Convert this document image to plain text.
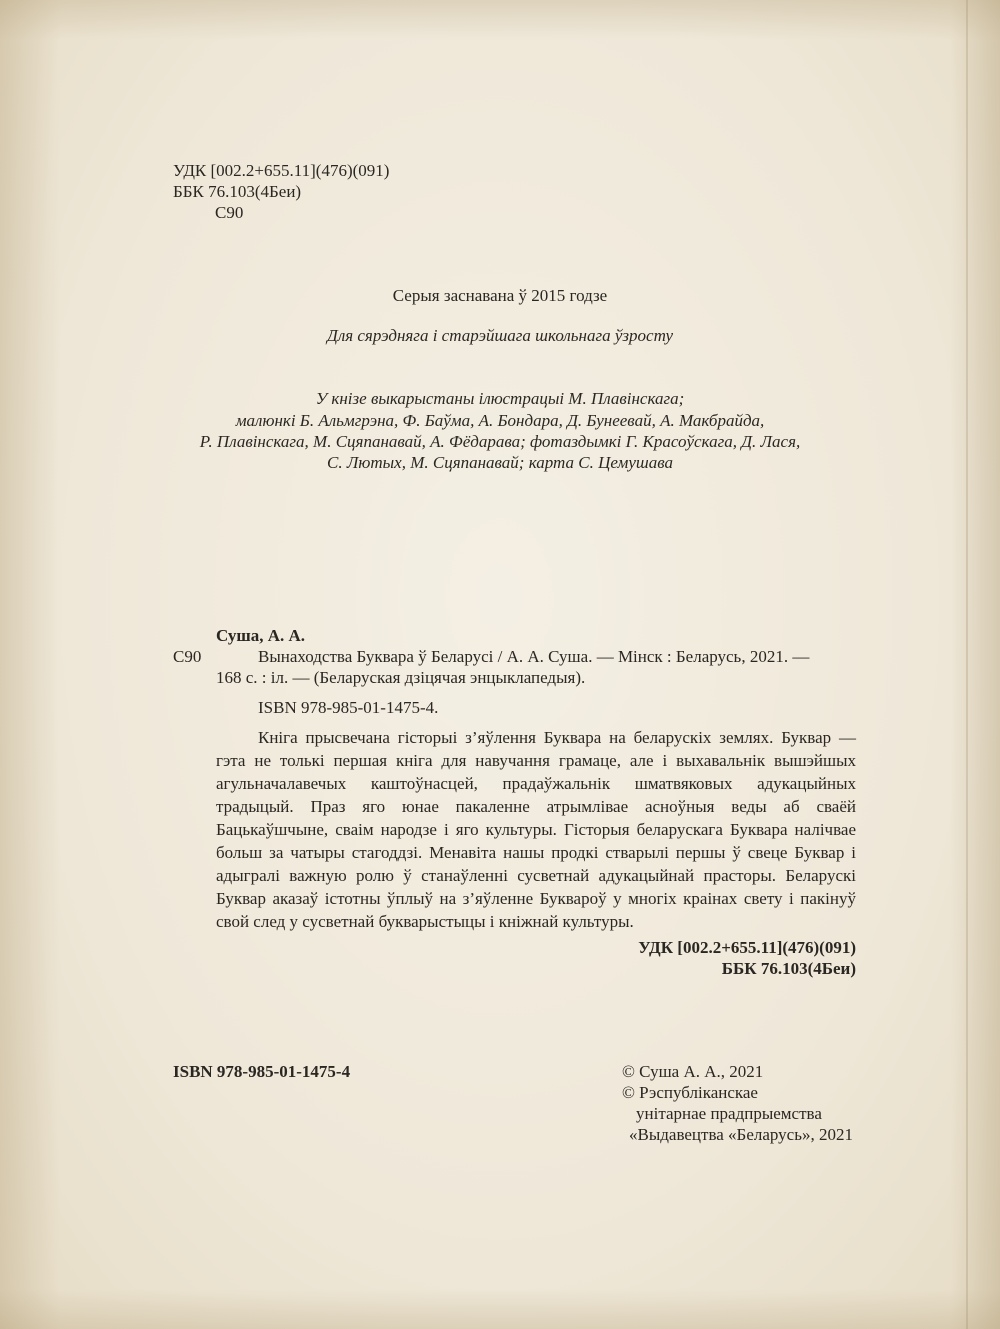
УДК [002.2+655.11](476)(091)
ББК 76.103(4Беи)
С90
Серыя заснавана ў 2015 годзе
Для сярэдняга і старэйшага школьнага ўзросту
У кнізе выкарыстаны ілюстрацыі М. Плавінскага;
малюнкі Б. Альмгрэна, Ф. Баўма, А. Бондара, Д. Бунеевай, А. Макбрайда,
Р. Плавінскага, М. Сцяпанавай, А. Фёдарава; фотаздымкі Г. Красоўскага, Д. Лася,
С. Лютых, М. Сцяпанавай; карта С. Цемушава
Суша, А. А.
С90	Вынаходства Буквара ў Беларусі / А. А. Суша. — Мінск : Беларусь, 2021. —
168 с. : іл. — (Беларуская дзіцячая энцыклапедыя).
ISBN 978-985-01-1475-4.
Кніга прысвечана гісторыі з’яўлення Буквара на беларускіх землях. Буквар — гэта не толькі першая кніга для навучання грамаце, але і выхавальнік вышэйшых агульначалавечых каштоўнасцей, прадаўжальнік шматвяковых адукацыйных традыцый. Праз яго юнае пакаленне атрымлівае асноўныя веды аб сваёй Бацькаўшчыне, сваім народзе і яго культуры. Гісторыя беларускага Буквара налічвае больш за чатыры стагоддзі. Менавіта нашы продкі стварылі першы ў свеце Буквар і адыгралі важную ролю ў станаўленні сусветнай адукацыйнай прасторы. Беларускі Буквар аказаў істотны ўплыў на з’яўленне Буквароў у многіх краінах свету і пакінуў свой след у сусветнай букварыстыцы і кніжнай культуры.
УДК [002.2+655.11](476)(091)
ББК 76.103(4Беи)
ISBN 978-985-01-1475-4	© Суша А. А., 2021
© Рэспубліканскае
унітарнае прадпрыемства
«Выдавецтва «Беларусь», 2021
